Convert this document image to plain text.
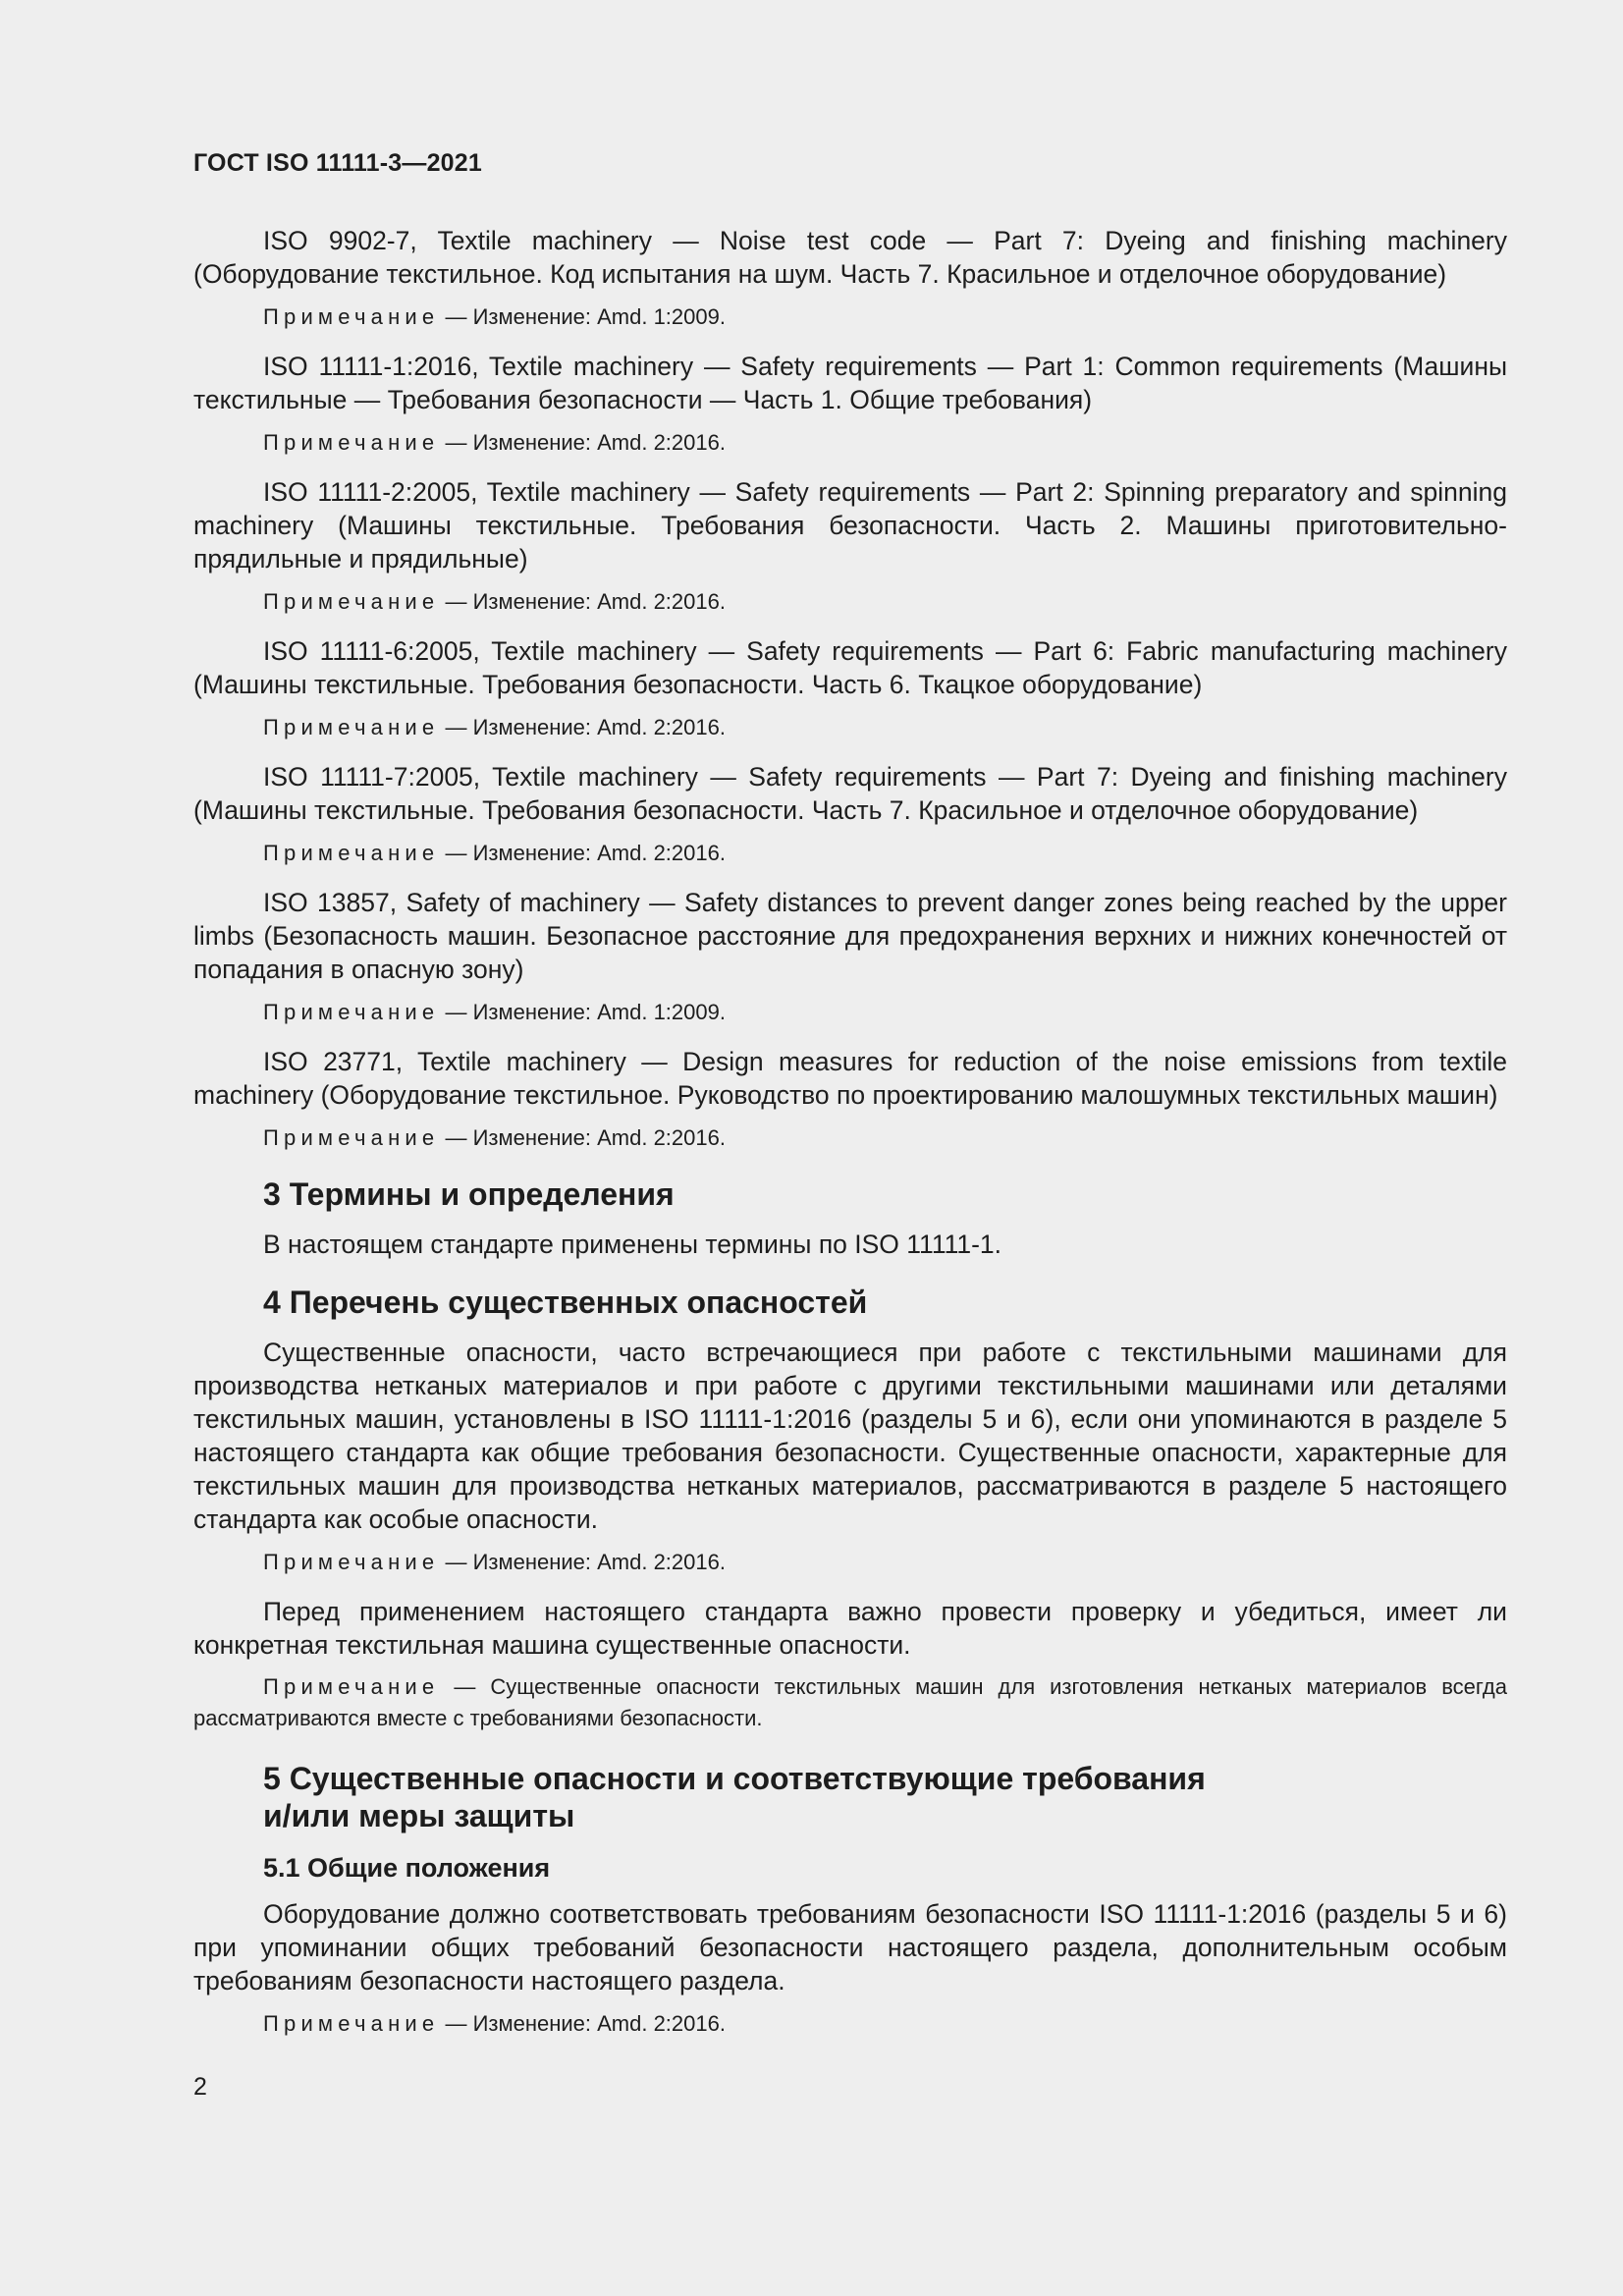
ГОСТ ISO 11111-3—2021

ISO 9902-7, Textile machinery — Noise test code — Part 7: Dyeing and finishing machinery (Оборудование текстильное. Код испытания на шум. Часть 7. Красильное и отделочное оборудование)

Примечание — Изменение: Amd. 1:2009.

ISO 11111-1:2016, Textile machinery — Safety requirements — Part 1: Common requirements (Машины текстильные — Требования безопасности — Часть 1. Общие требования)

Примечание — Изменение: Amd. 2:2016.

ISO 11111-2:2005, Textile machinery — Safety requirements — Part 2: Spinning preparatory and spinning machinery (Машины текстильные. Требования безопасности. Часть 2. Машины приготовительно-прядильные и прядильные)

Примечание — Изменение: Amd. 2:2016.

ISO 11111-6:2005, Textile machinery — Safety requirements — Part 6: Fabric manufacturing machinery (Машины текстильные. Требования безопасности. Часть 6. Ткацкое оборудование)

Примечание — Изменение: Amd. 2:2016.

ISO 11111-7:2005, Textile machinery — Safety requirements — Part 7: Dyeing and finishing machinery (Машины текстильные. Требования безопасности. Часть 7. Красильное и отделочное оборудование)

Примечание — Изменение: Amd. 2:2016.

ISO 13857, Safety of machinery — Safety distances to prevent danger zones being reached by the upper limbs (Безопасность машин. Безопасное расстояние для предохранения верхних и нижних конечностей от попадания в опасную зону)

Примечание — Изменение: Amd. 1:2009.

ISO 23771, Textile machinery — Design measures for reduction of the noise emissions from textile machinery (Оборудование текстильное. Руководство по проектированию малошумных текстильных машин)

Примечание — Изменение: Amd. 2:2016.

3 Термины и определения

В настоящем стандарте применены термины по ISO 11111-1.

4 Перечень существенных опасностей

Существенные опасности, часто встречающиеся при работе с текстильными машинами для производства нетканых материалов и при работе с другими текстильными машинами или деталями текстильных машин, установлены в ISO 11111-1:2016 (разделы 5 и 6), если они упоминаются в разделе 5 настоящего стандарта как общие требования безопасности. Существенные опасности, характерные для текстильных машин для производства нетканых материалов, рассматриваются в разделе 5 настоящего стандарта как особые опасности.

Примечание — Изменение: Amd. 2:2016.

Перед применением настоящего стандарта важно провести проверку и убедиться, имеет ли конкретная текстильная машина существенные опасности.

Примечание — Существенные опасности текстильных машин для изготовления нетканых материалов всегда рассматриваются вместе с требованиями безопасности.

5 Существенные опасности и соответствующие требования
и/или меры защиты
5.1 Общие положения

Оборудование должно соответствовать требованиям безопасности ISO 11111-1:2016 (разделы 5 и 6) при упоминании общих требований безопасности настоящего раздела, дополнительным особым требованиям безопасности настоящего раздела.

Примечание — Изменение: Amd. 2:2016.

2
